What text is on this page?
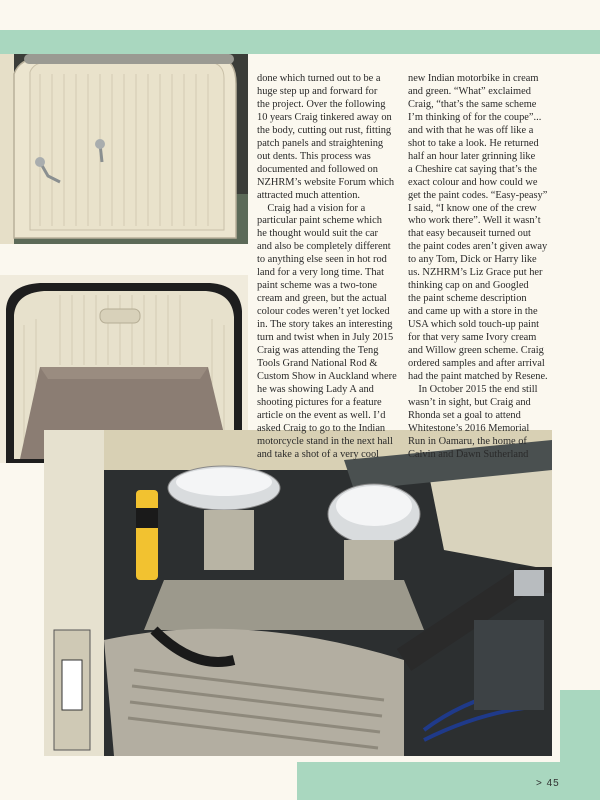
done which turned out to be a
huge step up and forward for
the project. Over the following
10 years Craig tinkered away on
the body, cutting out rust, fitting
patch panels and straightening
out dents. This process was
documented and followed on
NZHRM’s website Forum which
attracted much attention.
 Craig had a vision for a
particular paint scheme which
he thought would suit the car
and also be completely different
to anything else seen in hot rod
land for a very long time. That
paint scheme was a two-tone
cream and green, but the actual
colour codes weren’t yet locked
in. The story takes an interesting
turn and twist when in July 2015
Craig was attending the Teng
Tools Grand National Rod &
Custom Show in Auckland where
he was showing Lady A and
shooting pictures for a feature
article on the event as well. I’d
asked Craig to go to the Indian
motorcycle stand in the next hall
and take a shot of a very cool
new Indian motorbike in cream
and green. “What” exclaimed
Craig, “that’s the same scheme
I’m thinking of for the coupe”...
and with that he was off like a
shot to take a look. He returned
half an hour later grinning like
a Cheshire cat saying that’s the
exact colour and how could we
get the paint codes. “Easy-peasy”
I said, “I know one of the crew
who work there”. Well it wasn’t
that easy becauseit turned out
the paint codes aren’t given away
to any Tom, Dick or Harry like
us. NZHRM’s Liz Grace put her
thinking cap on and Googled
the paint scheme description
and came up with a store in the
USA which sold touch-up paint
for that very same Ivory cream
and Willow green scheme. Craig
ordered samples and after arrival
had the paint matched by Resene.
 In October 2015 the end still
wasn’t in sight, but Craig and
Rhonda set a goal to attend
Whitestone’s 2016 Memorial
Run in Oamaru, the home of
Calvin and Dawn Sutherland
> 45
